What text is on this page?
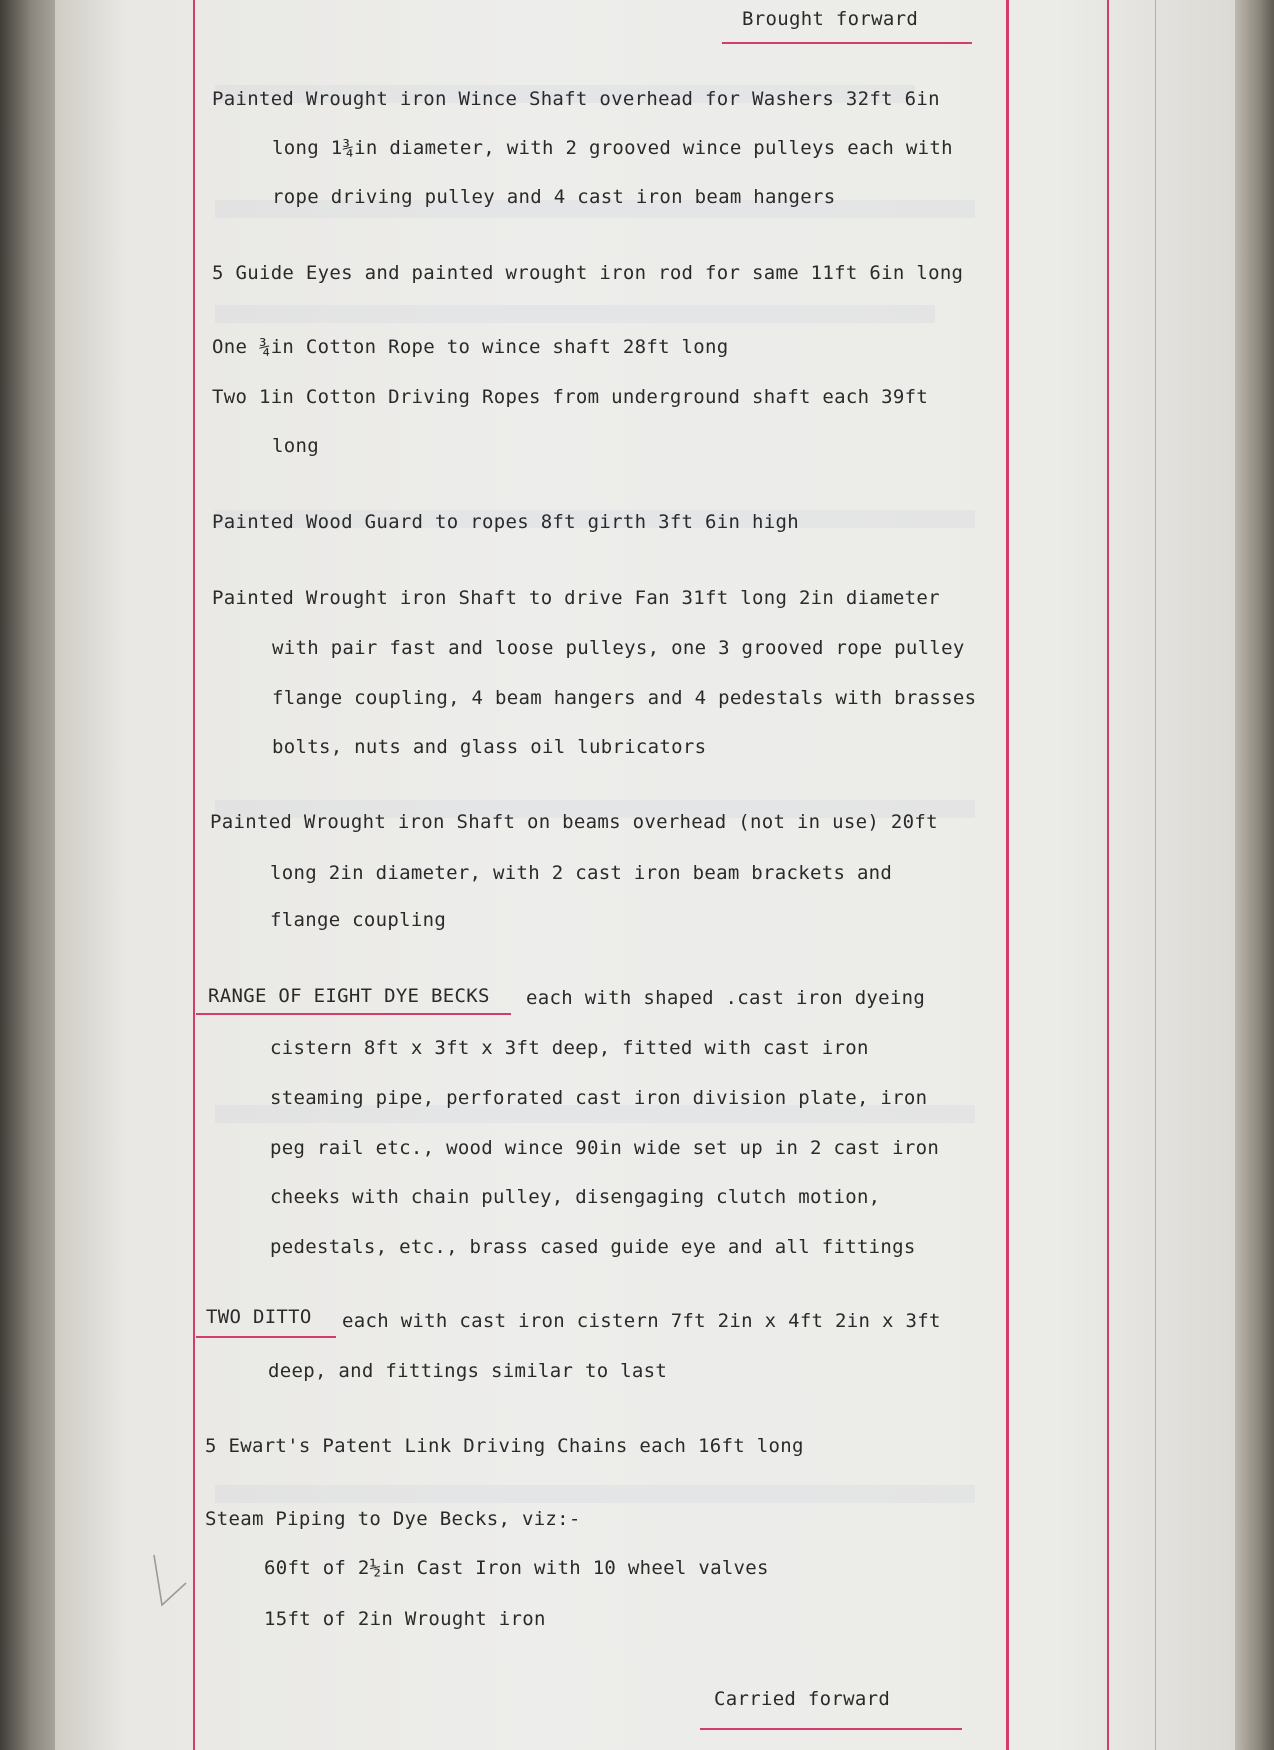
Brought forward
Painted Wrought iron Wince Shaft overhead for Washers 32ft 6in
long 1¾in diameter, with 2 grooved wince pulleys each with
rope driving pulley and 4 cast iron beam hangers
5 Guide Eyes and painted wrought iron rod for same 11ft 6in long
One ¾in Cotton Rope to wince shaft 28ft long
Two 1in Cotton Driving Ropes from underground shaft each 39ft
long
Painted Wood Guard to ropes 8ft girth 3ft 6in high
Painted Wrought iron Shaft to drive Fan 31ft long 2in diameter
with pair fast and loose pulleys, one 3 grooved rope pulley
flange coupling, 4 beam hangers and 4 pedestals with brasses
bolts, nuts and glass oil lubricators
Painted Wrought iron Shaft on beams overhead (not in use) 20ft
long 2in diameter, with 2 cast iron beam brackets and
flange coupling
RANGE OF EIGHT DYE BECKS each with shaped .cast iron dyeing
cistern 8ft x 3ft x 3ft deep, fitted with cast iron
steaming pipe, perforated cast iron division plate, iron
peg rail etc., wood wince 90in wide set up in 2 cast iron
cheeks with chain pulley, disengaging clutch motion,
pedestals, etc., brass cased guide eye and all fittings
TWO DITTO each with cast iron cistern 7ft 2in x 4ft 2in x 3ft
deep, and fittings similar to last
5 Ewart's Patent Link Driving Chains each 16ft long
Steam Piping to Dye Becks, viz:-
60ft of 2½in Cast Iron with 10 wheel valves
15ft of 2in Wrought iron
Carried forward
